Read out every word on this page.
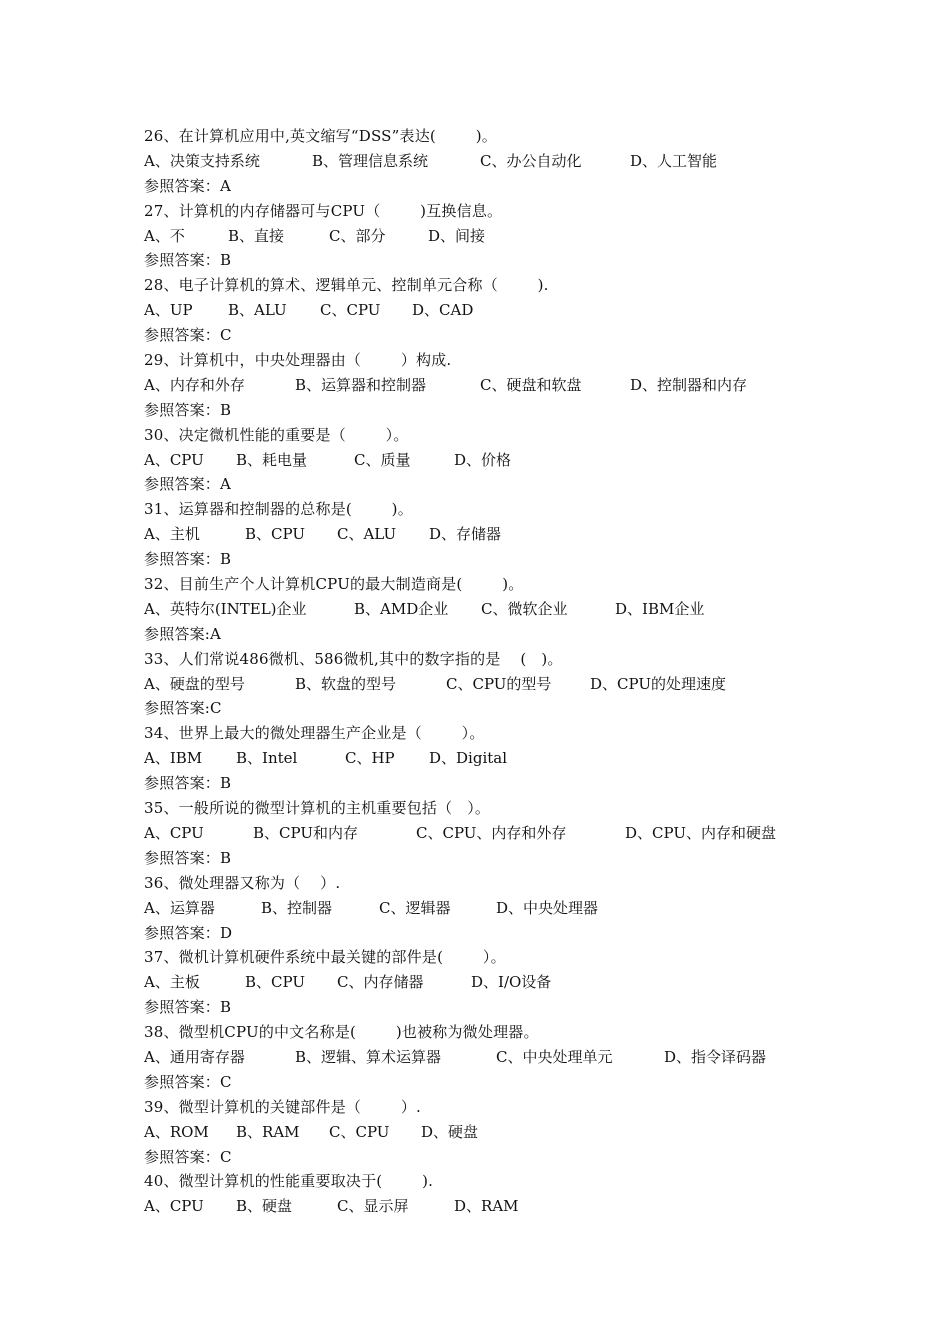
26、在计算机应用中,英文缩写“DSS”表达(        )。
A、决策支持系统	B、管理信息系统	C、办公自动化	D、人工智能
参照答案：A
27、计算机的内存储器可与CPU（        )互换信息。
A、不	B、直接	C、部分	D、间接
参照答案：B
28、电子计算机的算术、逻辑单元、控制单元合称（        ).
A、UP B、ALU C、CPU D、CAD
参照答案：C
29、计算机中，中央处理器由（        ）构成.
A、内存和外存	B、运算器和控制器	C、硬盘和软盘	D、控制器和内存
参照答案：B
30、决定微机性能的重要是（        ）。
A、CPU B、耗电量	C、质量	D、价格
参照答案：A
31、运算器和控制器的总称是(        )。
A、主机	B、CPU C、ALU D、存储器
参照答案：B
32、目前生产个人计算机CPU的最大制造商是(        )。
A、英特尔(INTEL)企业	B、AMD企业 C、微软企业	D、IBM企业
参照答案:A
33、人们常说486微机、586微机,其中的数字指的是    (   )。
A、硬盘的型号	B、软盘的型号	C、CPU的型号	D、CPU的处理速度
参照答案:C
34、世界上最大的微处理器生产企业是（        ）。
A、IBM B、Intel	C、HP D、Digital
参照答案：B
35、一般所说的微型计算机的主机重要包括（   ）。
A、CPU	B、CPU和内存	C、CPU、内存和外存	D、CPU、内存和硬盘
参照答案：B
36、微处理器又称为（    ）.
A、运算器	B、控制器	C、逻辑器	D、中央处理器
参照答案：D
37、微机计算机硬件系统中最关键的部件是(        ）。
A、主板	B、CPU C、内存储器	D、I/O设备
参照答案：B
38、微型机CPU的中文名称是(        )也被称为微处理器。
A、通用寄存器	B、逻辑、算术运算器	C、中央处理单元	D、指令译码器
参照答案：C
39、微型计算机的关键部件是（        ）.
A、ROM B、RAM C、CPU D、硬盘
参照答案：C
40、微型计算机的性能重要取决于(        ).
A、CPU B、硬盘	C、显示屏	D、RAM
